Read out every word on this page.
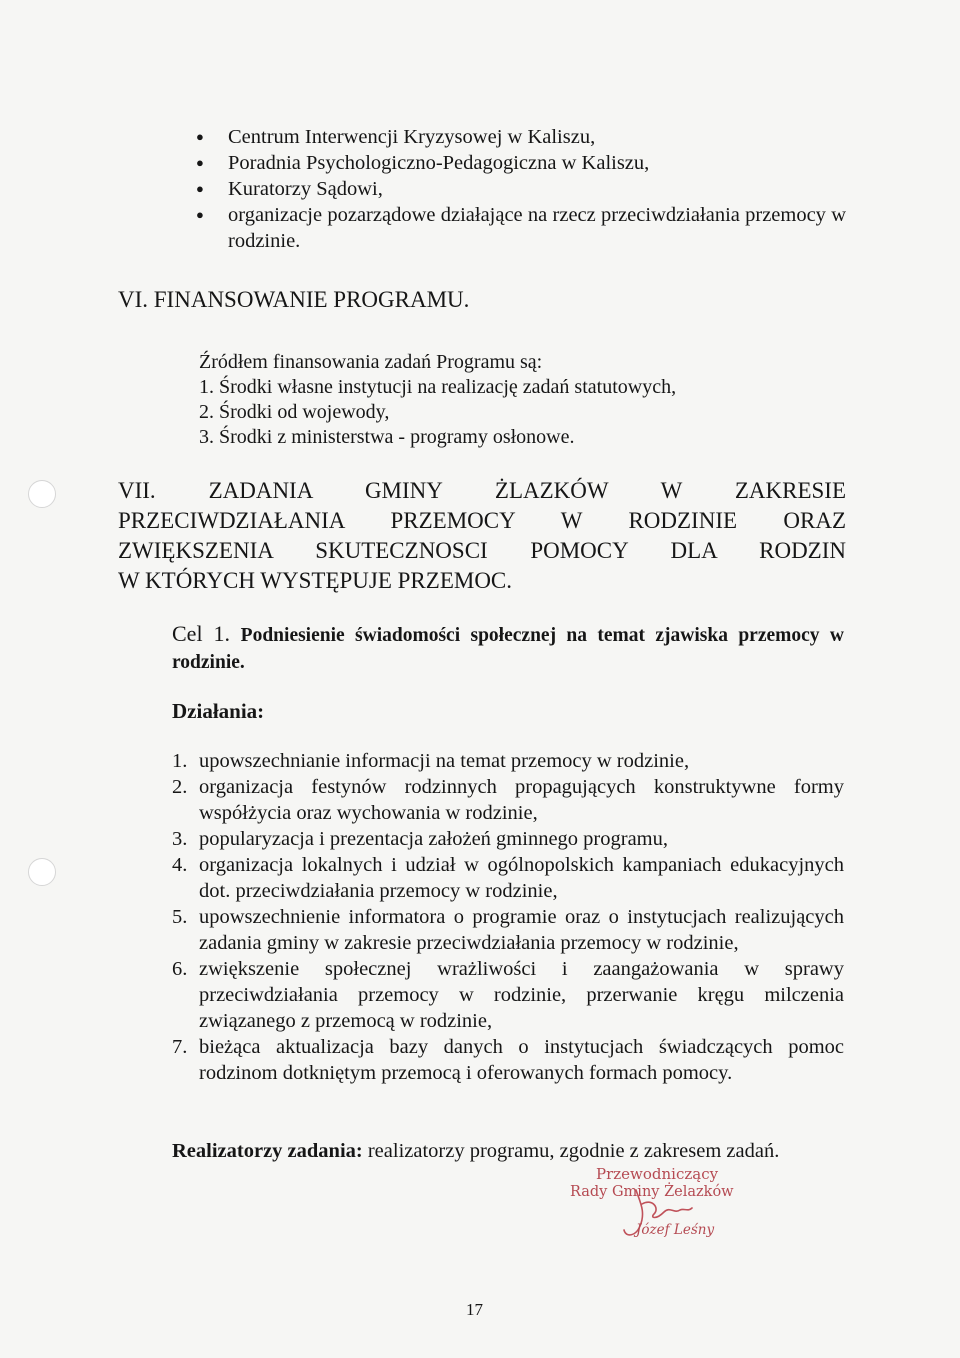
● Centrum Interwencji Kryzysowej w Kaliszu,
● Poradnia Psychologiczno-Pedagogiczna w Kaliszu,
● Kuratorzy Sądowi,
● organizacje pozarządowe działające na rzecz przeciwdziałania przemocy w rodzinie.
VI. FINANSOWANIE PROGRAMU.
Źródłem finansowania zadań Programu są:
1. Środki własne instytucji na realizację zadań statutowych,
2. Środki od wojewody,
3. Środki z ministerstwa - programy osłonowe.
VII. ZADANIA GMINY ŻLAZKÓW W ZAKRESIE
PRZECIWDZIAŁANIA PRZEMOCY W RODZINIE ORAZ
ZWIĘKSZENIA SKUTECZNOSCI POMOCY DLA RODZIN
W KTÓRYCH WYSTĘPUJE PRZEMOC.
Cel 1. Podniesienie świadomości społecznej na temat zjawiska przemocy w rodzinie.
Działania:
1. upowszechnianie informacji na temat przemocy w rodzinie,
2. organizacja festynów rodzinnych propagujących konstruktywne formy współżycia oraz wychowania w rodzinie,
3. popularyzacja i prezentacja założeń gminnego programu,
4. organizacja lokalnych i udział w ogólnopolskich kampaniach edukacyjnych dot. przeciwdziałania przemocy w rodzinie,
5. upowszechnienie informatora o programie oraz o instytucjach realizujących zadania gminy w zakresie przeciwdziałania przemocy w rodzinie,
6. zwiększenie społecznej wrażliwości i zaangażowania w sprawy przeciwdziałania przemocy w rodzinie, przerwanie kręgu milczenia związanego z przemocą w rodzinie,
7. bieżąca aktualizacja bazy danych o instytucjach świadczących pomoc rodzinom dotkniętym przemocą i oferowanych formach pomocy.
Realizatorzy zadania: realizatorzy programu, zgodnie z zakresem zadań.
Przewodniczący
Rady Gminy Żelazków
Józef Leśny
17
